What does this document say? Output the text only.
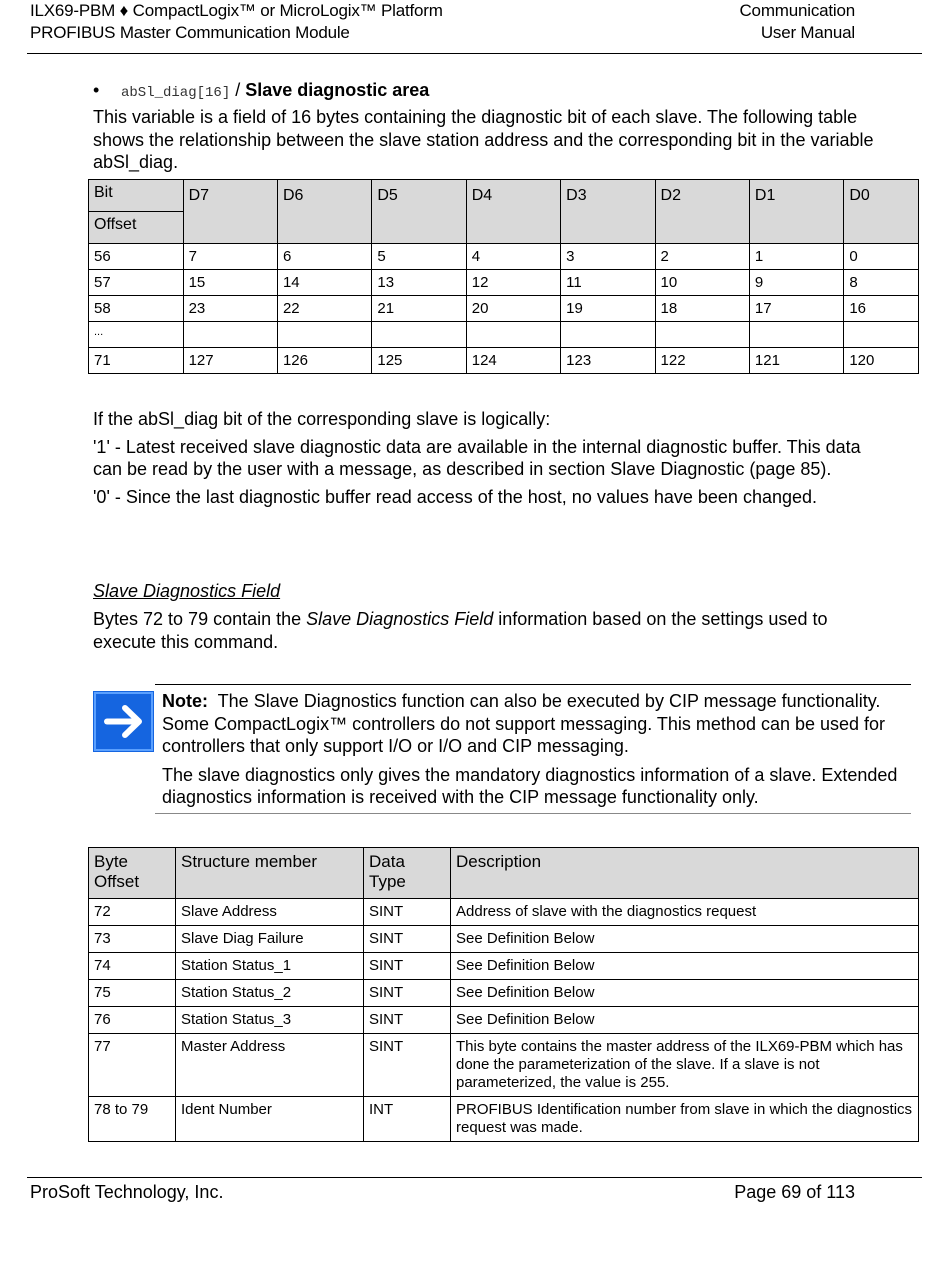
ILX69-PBM ♦ CompactLogix™ or MicroLogix™ Platform
PROFIBUS Master Communication Module
Communication
User Manual
• abSl_diag[16] / Slave diagnostic area

This variable is a field of 16 bytes containing the diagnostic bit of each slave. The following table shows the relationship between the slave station address and the corresponding bit in the variable abSl_diag.

Bit	D7	D6	D5	D4	D3	D2	D1	D0
Offset								
56	7	6	5	4	3	2	1	0
57	15	14	13	12	11	10	9	8
58	23	22	21	20	19	18	17	16
...								
71	127	126	125	124	123	122	121	120

If the abSl_diag bit of the corresponding slave is logically:

'1' - Latest received slave diagnostic data are available in the internal diagnostic buffer. This data can be read by the user with a message, as described in section Slave Diagnostic (page 85).

'0' - Since the last diagnostic buffer read access of the host, no values have been changed.

Slave Diagnostics Field

Bytes 72 to 79 contain the Slave Diagnostics Field information based on the settings used to execute this command.

Note:  The Slave Diagnostics function can also be executed by CIP message functionality. Some CompactLogix™ controllers do not support messaging. This method can be used for controllers that only support I/O or I/O and CIP messaging.

The slave diagnostics only gives the mandatory diagnostics information of a slave. Extended diagnostics information is received with the CIP message functionality only.

Byte Offset	Structure member	Data Type	Description
72	Slave Address	SINT	Address of slave with the diagnostics request
73	Slave Diag Failure	SINT	See Definition Below
74	Station Status_1	SINT	See Definition Below
75	Station Status_2	SINT	See Definition Below
76	Station Status_3	SINT	See Definition Below
77	Master Address	SINT	This byte contains the master address of the ILX69-PBM which has done the parameterization of the slave. If a slave is not parameterized, the value is 255.
78 to 79	Ident Number	INT	PROFIBUS Identification number from slave in which the diagnostics request was made.
ProSoft Technology, Inc.	Page 69 of 113
